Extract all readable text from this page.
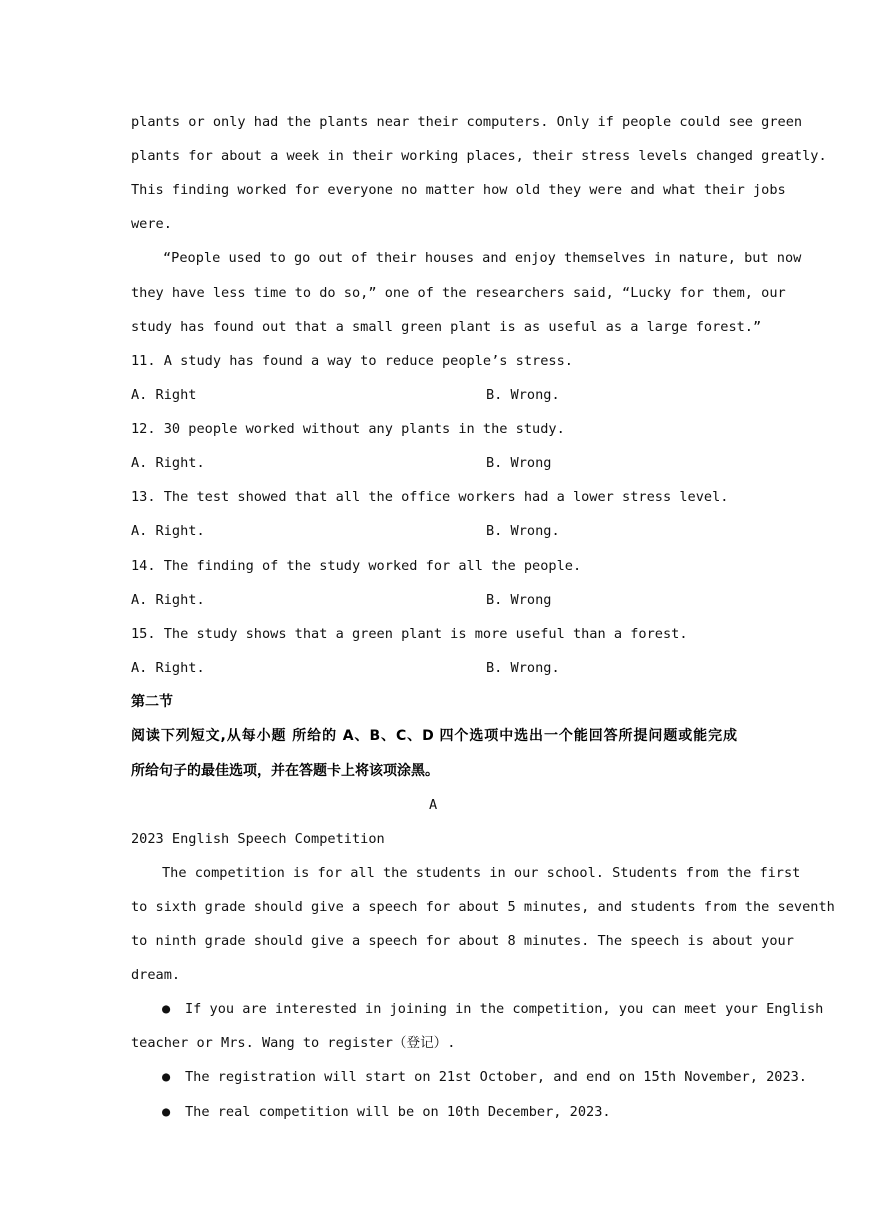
plants or only had the plants near their computers. Only if people could see green
plants for about a week in their working places, their stress levels changed greatly.
This finding worked for everyone no matter how old they were and what their jobs
were.
“People used to go out of their houses and enjoy themselves in nature, but now
they have less time to do so,” one of the researchers said, “Lucky for them, our
study has found out that a small green plant is as useful as a large forest.”
11. A study has found a way to reduce people’s stress.
A. Right	B. Wrong.
12. 30 people worked without any plants in the study.
A. Right.	B. Wrong
13. The test showed that all the office workers had a lower stress level.
A. Right.	B. Wrong.
14. The finding of the study worked for all the people.
A. Right.	B. Wrong
15. The study shows that a green plant is more useful than a forest.
A. Right.	B. Wrong.
第二节
阅读下列短文,从每小题 所给的 A、B、C、D 四个选项中选出一个能回答所提问题或能完成
所给句子的最佳选项，并在答题卡上将该项涂黑。
A
2023 English Speech Competition
The competition is for all the students in our school. Students from the first
to sixth grade should give a speech for about 5 minutes, and students from the seventh
to ninth grade should give a speech for about 8 minutes. The speech is about your
dream.
● If you are interested in joining in the competition, you can meet your English
teacher or Mrs. Wang to register（登记）.
● The registration will start on 21st October, and end on 15th November, 2023.
● The real competition will be on 10th December, 2023.
